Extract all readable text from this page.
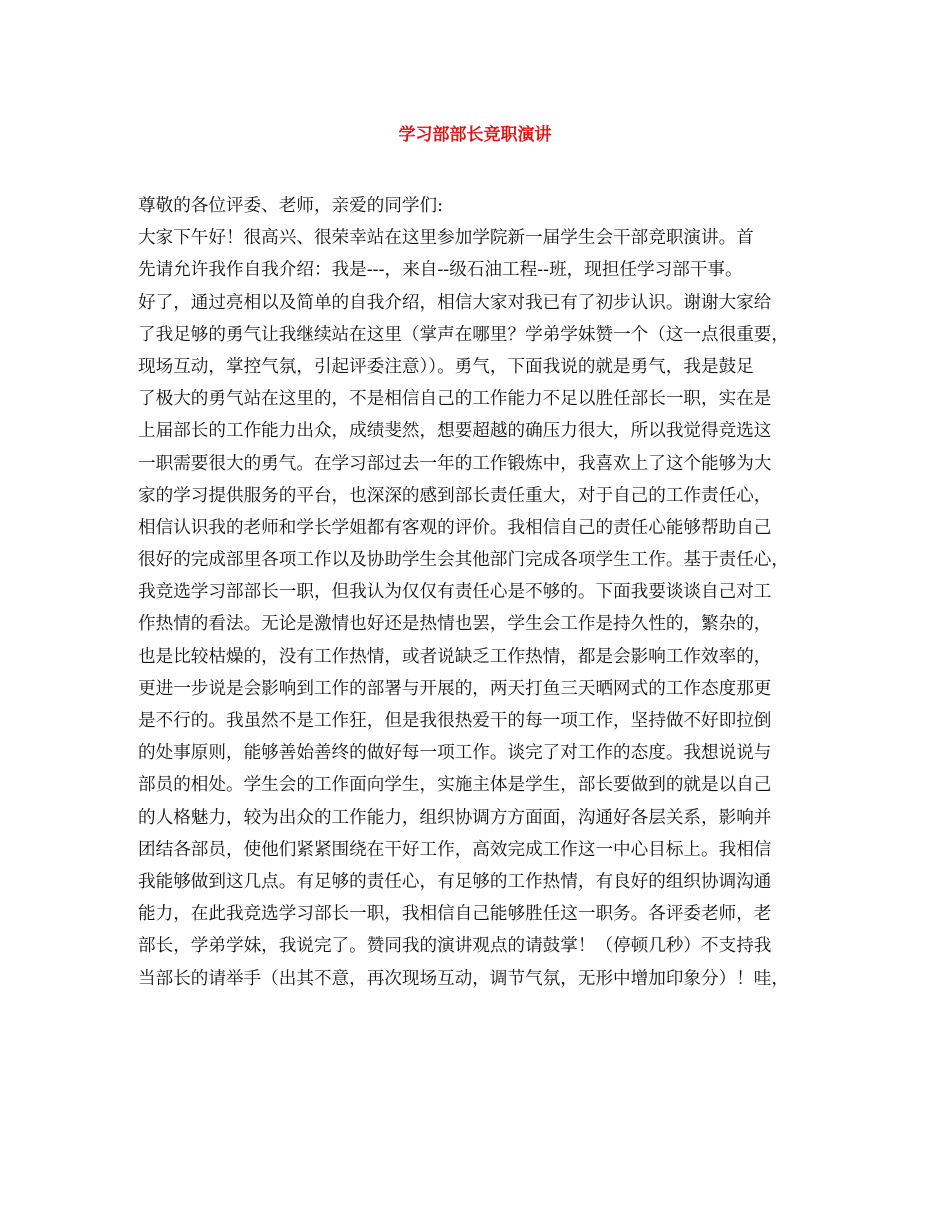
学习部部长竞职演讲
尊敬的各位评委、老师，亲爱的同学们:
大家下午好！很高兴、很荣幸站在这里参加学院新一届学生会干部竞职演讲。首
先请允许我作自我介绍：我是---，来自--级石油工程--班，现担任学习部干事。
好了，通过亮相以及简单的自我介绍，相信大家对我已有了初步认识。谢谢大家给
了我足够的勇气让我继续站在这里（掌声在哪里？学弟学妹赞一个（这一点很重要，
现场互动，掌控气氛，引起评委注意））。勇气，下面我说的就是勇气，我是鼓足
了极大的勇气站在这里的，不是相信自己的工作能力不足以胜任部长一职，实在是
上届部长的工作能力出众，成绩斐然，想要超越的确压力很大，所以我觉得竞选这
一职需要很大的勇气。在学习部过去一年的工作锻炼中，我喜欢上了这个能够为大
家的学习提供服务的平台，也深深的感到部长责任重大，对于自己的工作责任心，
相信认识我的老师和学长学姐都有客观的评价。我相信自己的责任心能够帮助自己
很好的完成部里各项工作以及协助学生会其他部门完成各项学生工作。基于责任心，
我竞选学习部部长一职，但我认为仅仅有责任心是不够的。下面我要谈谈自己对工
作热情的看法。无论是激情也好还是热情也罢，学生会工作是持久性的，繁杂的，
也是比较枯燥的，没有工作热情，或者说缺乏工作热情，都是会影响工作效率的，
更进一步说是会影响到工作的部署与开展的，两天打鱼三天晒网式的工作态度那更
是不行的。我虽然不是工作狂，但是我很热爱干的每一项工作，坚持做不好即拉倒
的处事原则，能够善始善终的做好每一项工作。谈完了对工作的态度。我想说说与
部员的相处。学生会的工作面向学生，实施主体是学生，部长要做到的就是以自己
的人格魅力，较为出众的工作能力，组织协调方方面面，沟通好各层关系，影响并
团结各部员，使他们紧紧围绕在干好工作，高效完成工作这一中心目标上。我相信
我能够做到这几点。有足够的责任心，有足够的工作热情，有良好的组织协调沟通
能力，在此我竞选学习部长一职，我相信自己能够胜任这一职务。各评委老师，老
部长，学弟学妹，我说完了。赞同我的演讲观点的请鼓掌！（停顿几秒）不支持我
当部长的请举手（出其不意，再次现场互动，调节气氛，无形中增加印象分）！哇，
